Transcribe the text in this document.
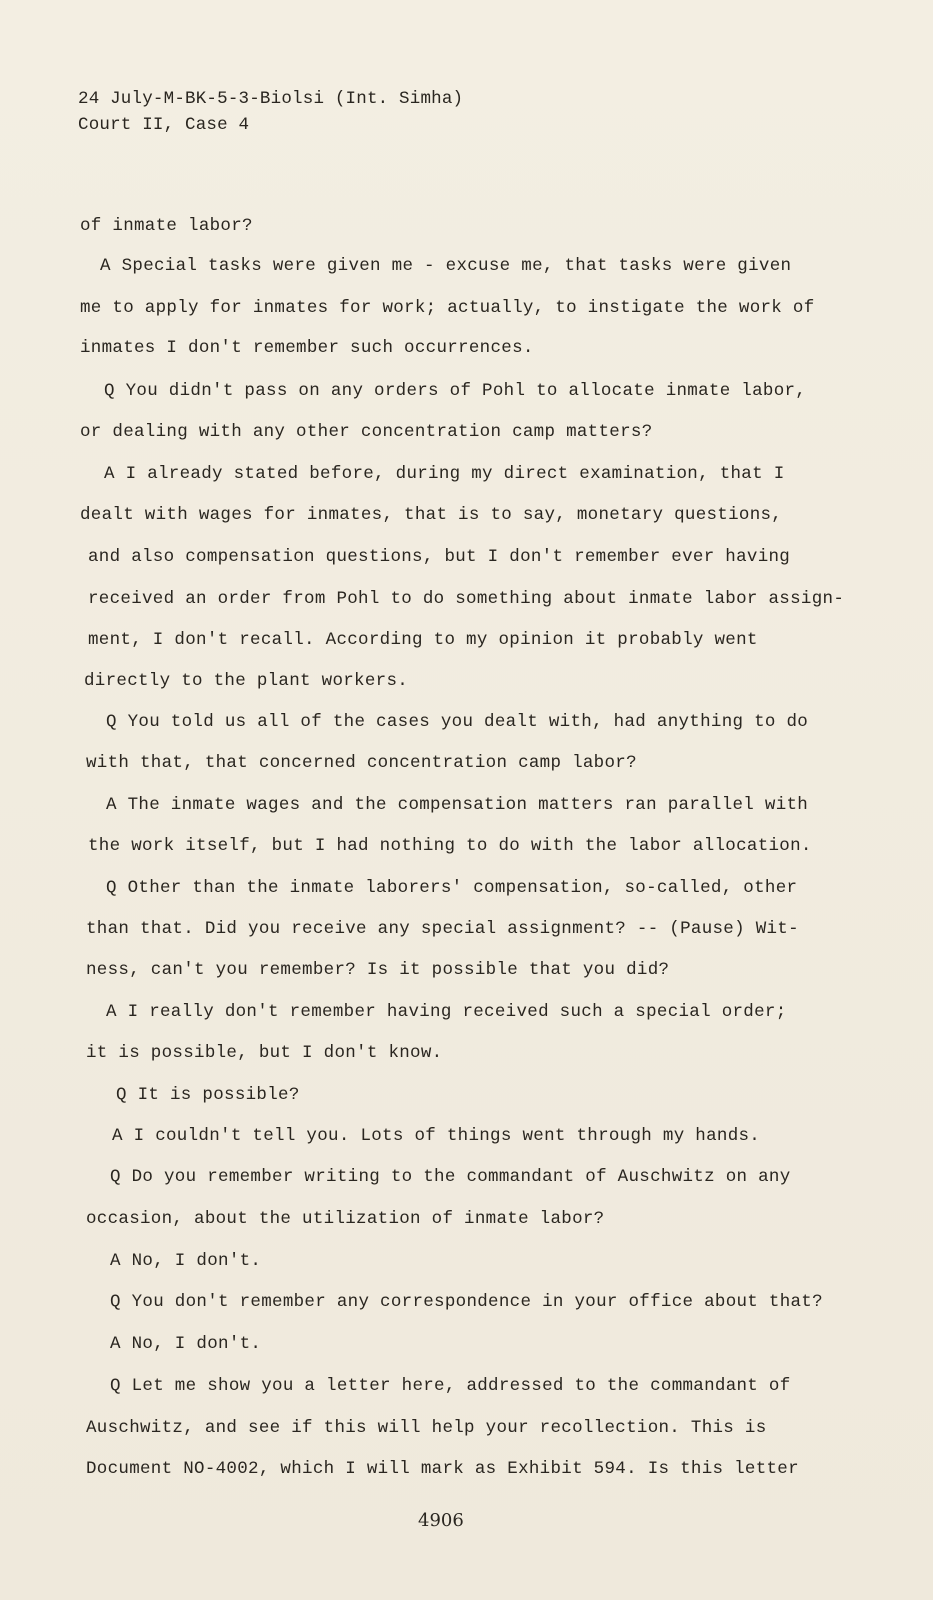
24 July-M-BK-5-3-Biolsi (Int. Simha)
Court II, Case 4
of inmate labor?
A Special tasks were given me - excuse me, that tasks were given
me to apply for inmates for work; actually, to instigate the work of
inmates I don't remember such occurrences.
Q You didn't pass on any orders of Pohl to allocate inmate labor,
or dealing with any other concentration camp matters?
A I already stated before, during my direct examination, that I
dealt with wages for inmates, that is to say, monetary questions,
and also compensation questions, but I don't remember ever having
received an order from Pohl to do something about inmate labor assign-
ment, I don't recall. According to my opinion it probably went
directly to the plant workers.
Q You told us all of the cases you dealt with, had anything to do
with that, that concerned concentration camp labor?
A The inmate wages and the compensation matters ran parallel with
the work itself, but I had nothing to do with the labor allocation.
Q Other than the inmate laborers' compensation, so-called, other
than that. Did you receive any special assignment? -- (Pause) Wit-
ness, can't you remember? Is it possible that you did?
A I really don't remember having received such a special order;
it is possible, but I don't know.
Q It is possible?
A I couldn't tell you. Lots of things went through my hands.
Q Do you remember writing to the commandant of Auschwitz on any
occasion, about the utilization of inmate labor?
A No, I don't.
Q You don't remember any correspondence in your office about that?
A No, I don't.
Q Let me show you a letter here, addressed to the commandant of
Auschwitz, and see if this will help your recollection. This is
Document NO-4002, which I will mark as Exhibit 594. Is this letter
4906
